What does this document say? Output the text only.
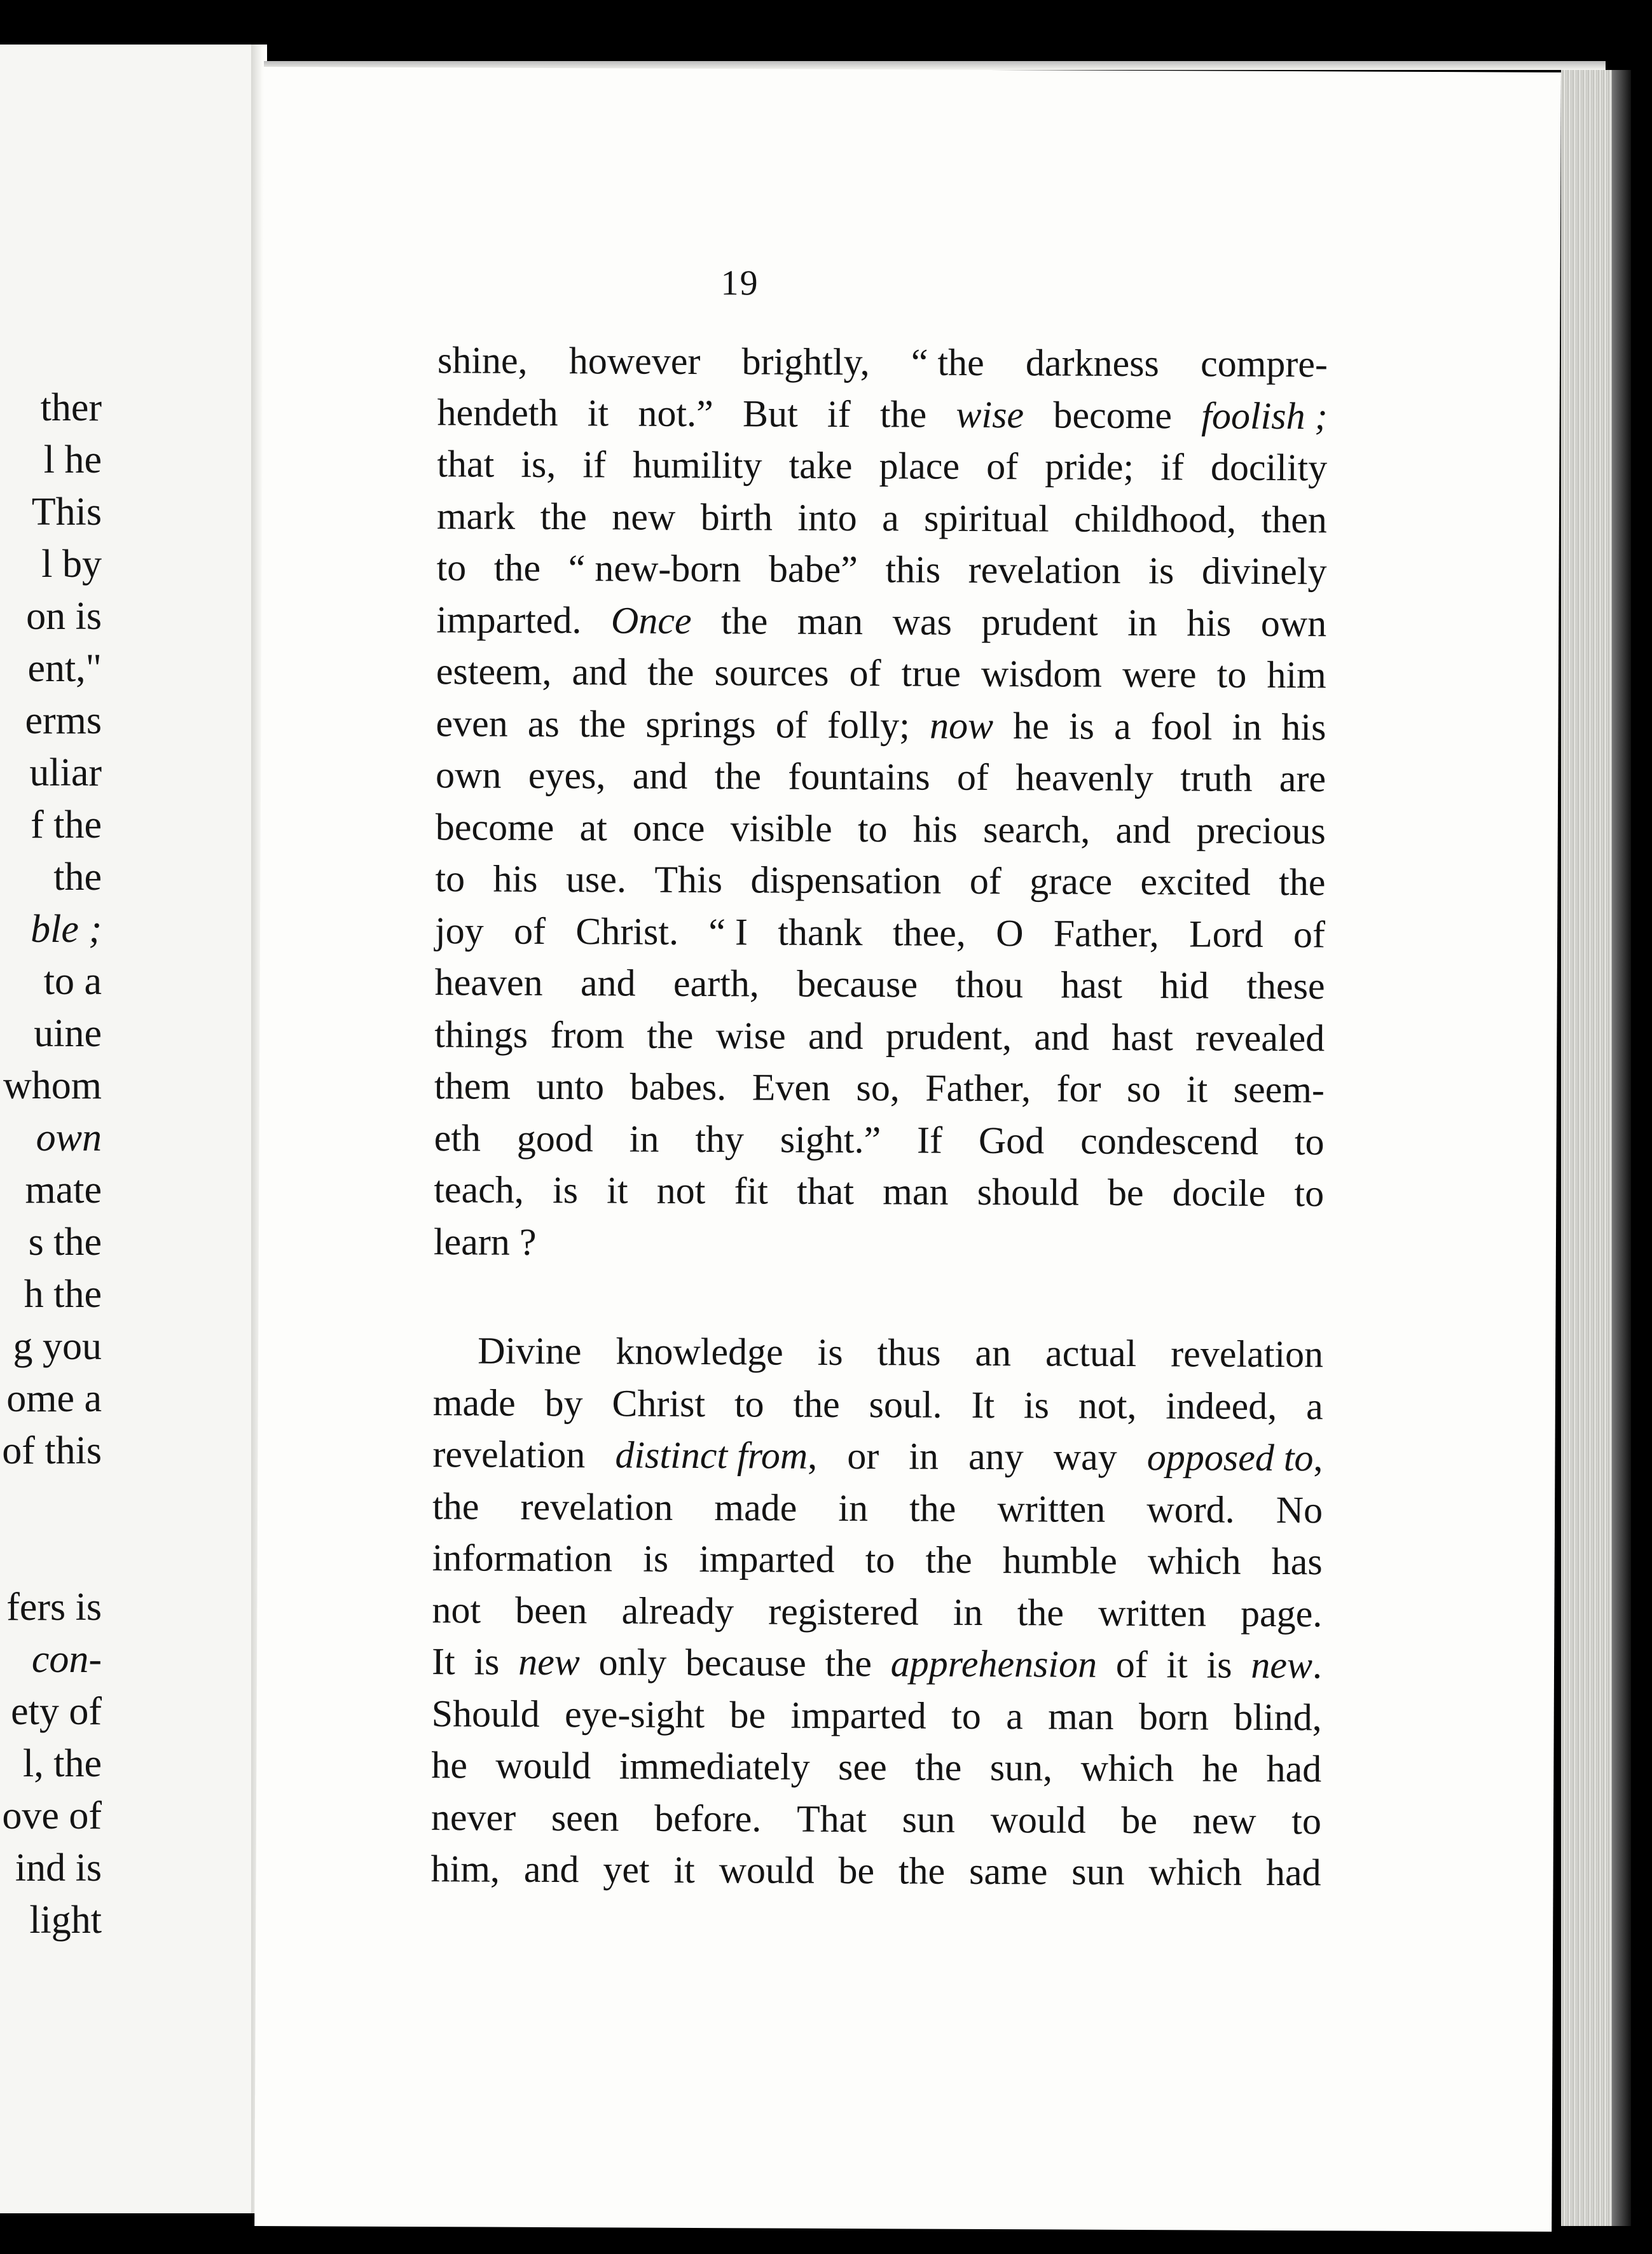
ther
l he
This
l by
on is
ent,"
erms
uliar
f the
the
ble ;
to a
uine
whom
own
mate
s the
h the
g you
ome a
of this
fers is
con-
ety of
l, the
ove of
ind is
light
19
shine, however brightly, “ the darkness compre-
hendeth it not.” But if the wise become foolish ;
that is, if humility take place of pride; if docility
mark the new birth into a spiritual childhood, then
to the “ new-born babe” this revelation is divinely
imparted. Once the man was prudent in his own
esteem, and the sources of true wisdom were to him
even as the springs of folly; now he is a fool in his
own eyes, and the fountains of heavenly truth are
become at once visible to his search, and precious
to his use. This dispensation of grace excited the
joy of Christ. “ I thank thee, O Father, Lord of
heaven and earth, because thou hast hid these
things from the wise and prudent, and hast revealed
them unto babes. Even so, Father, for so it seem-
eth good in thy sight.” If God condescend to
teach, is it not fit that man should be docile to
learn ?
Divine knowledge is thus an actual revelation
made by Christ to the soul. It is not, indeed, a
revelation distinct from, or in any way opposed to,
the revelation made in the written word. No
information is imparted to the humble which has
not been already registered in the written page.
It is new only because the apprehension of it is new.
Should eye-sight be imparted to a man born blind,
he would immediately see the sun, which he had
never seen before. That sun would be new to
him, and yet it would be the same sun which had
